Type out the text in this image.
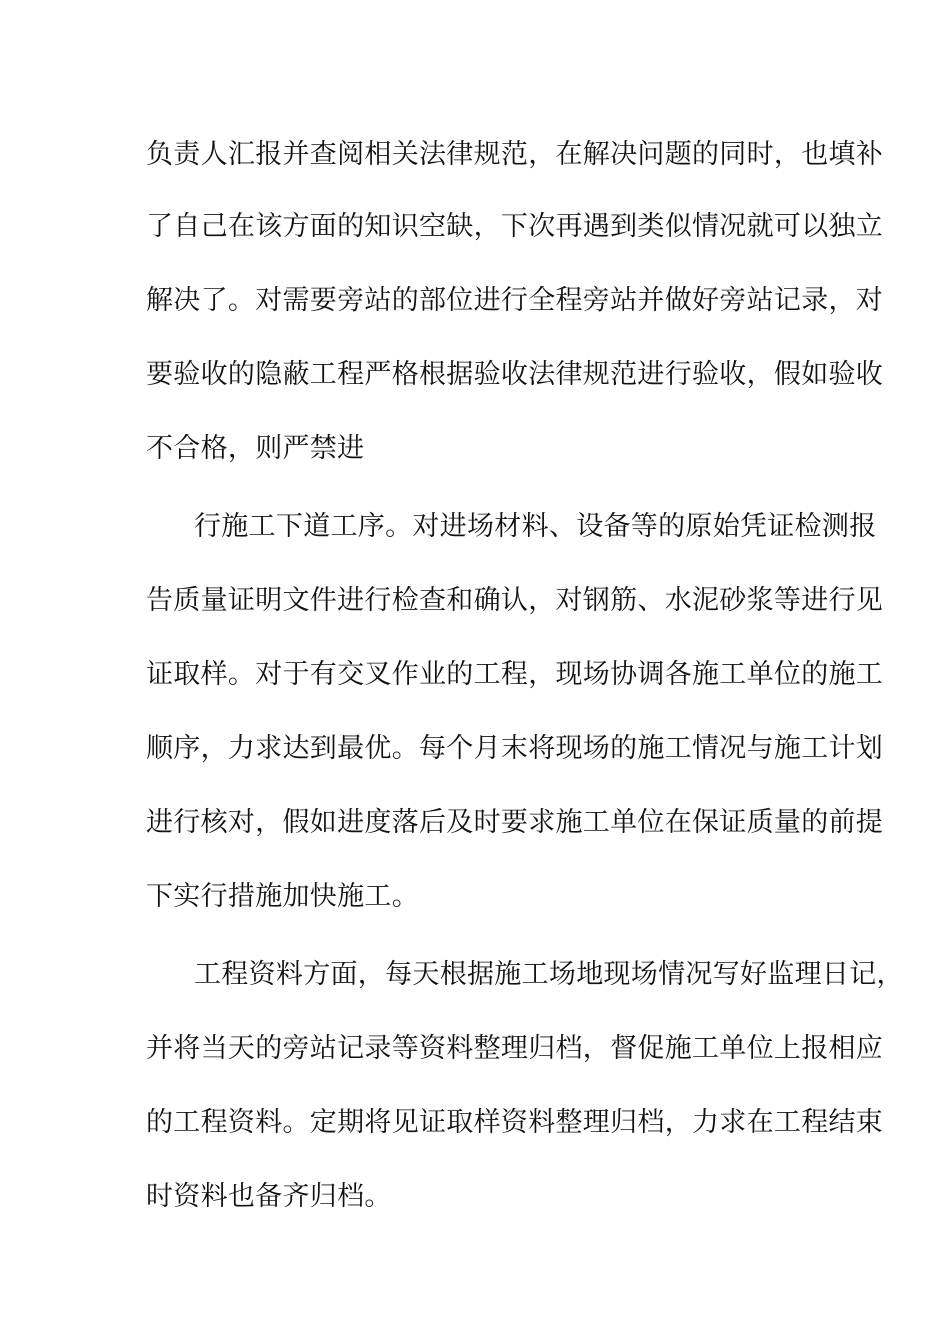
负责人汇报并查阅相关法律规范，在解决问题的同时，也填补
了自己在该方面的知识空缺，下次再遇到类似情况就可以独立
解决了。对需要旁站的部位进行全程旁站并做好旁站记录，对
要验收的隐蔽工程严格根据验收法律规范进行验收，假如验收
不合格，则严禁进
行施工下道工序。对进场材料、设备等的原始凭证检测报
告质量证明文件进行检查和确认，对钢筋、水泥砂浆等进行见
证取样。对于有交叉作业的工程，现场协调各施工单位的施工
顺序，力求达到最优。每个月末将现场的施工情况与施工计划
进行核对，假如进度落后及时要求施工单位在保证质量的前提
下实行措施加快施工。
工程资料方面，每天根据施工场地现场情况写好监理日记，
并将当天的旁站记录等资料整理归档，督促施工单位上报相应
的工程资料。定期将见证取样资料整理归档，力求在工程结束
时资料也备齐归档。
